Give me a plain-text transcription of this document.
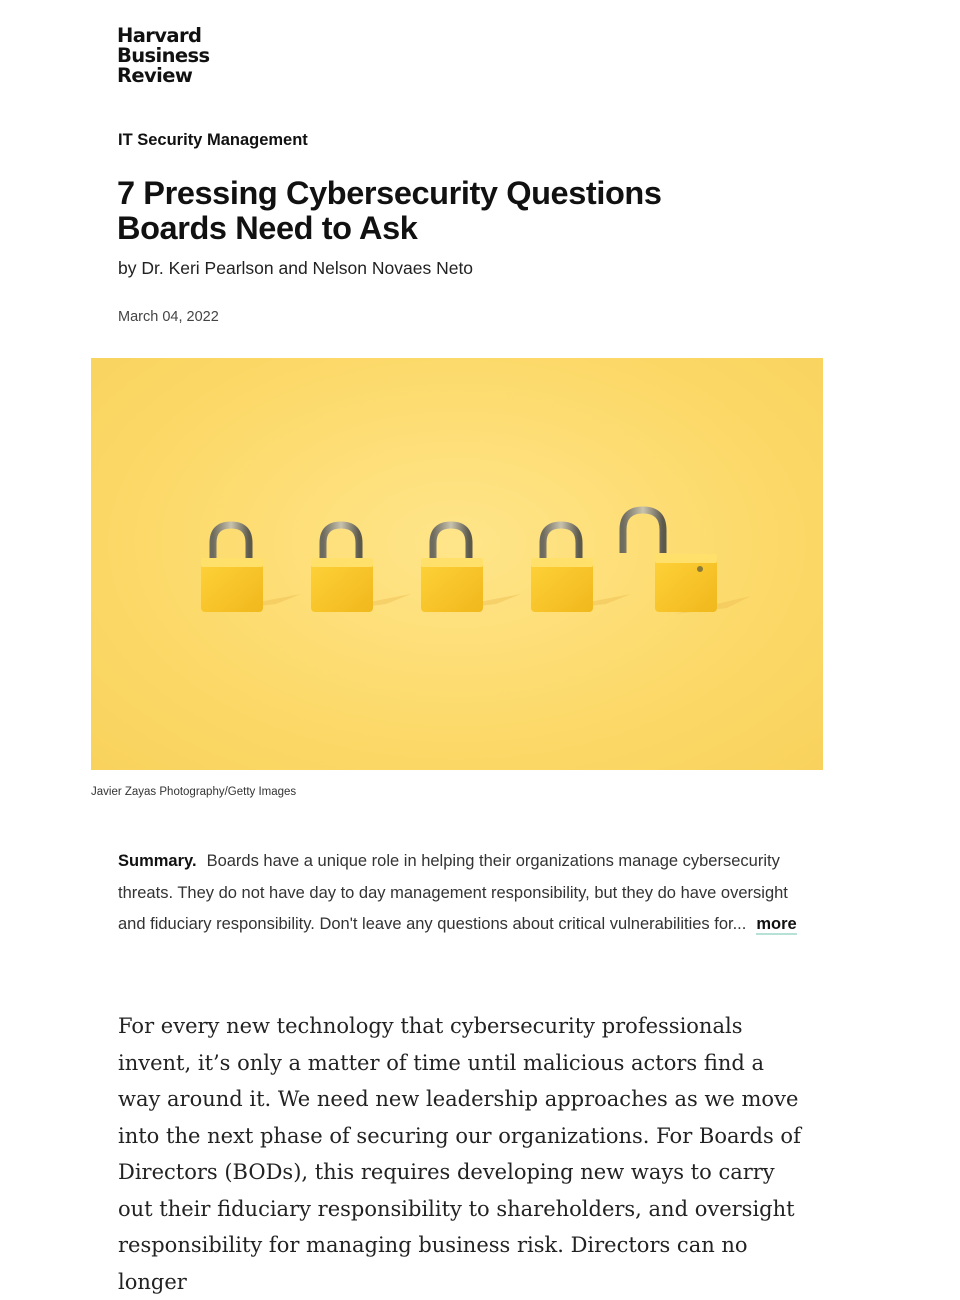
Harvard
Business
Review
IT Security Management
7 Pressing Cybersecurity Questions Boards Need to Ask
by Dr. Keri Pearlson and Nelson Novaes Neto
March 04, 2022
Javier Zayas Photography/Getty Images
Summary. Boards have a unique role in helping their organizations manage cybersecurity threats. They do not have day to day management responsibility, but they do have oversight and fiduciary responsibility. Don't leave any questions about critical vulnerabilities for... more

For every new technology that cybersecurity professionals invent, it’s only a matter of time until malicious actors find a way around it. We need new leadership approaches as we move into the next phase of securing our organizations. For Boards of Directors (BODs), this requires developing new ways to carry out their fiduciary responsibility to shareholders, and oversight responsibility for managing business risk. Directors can no longer
